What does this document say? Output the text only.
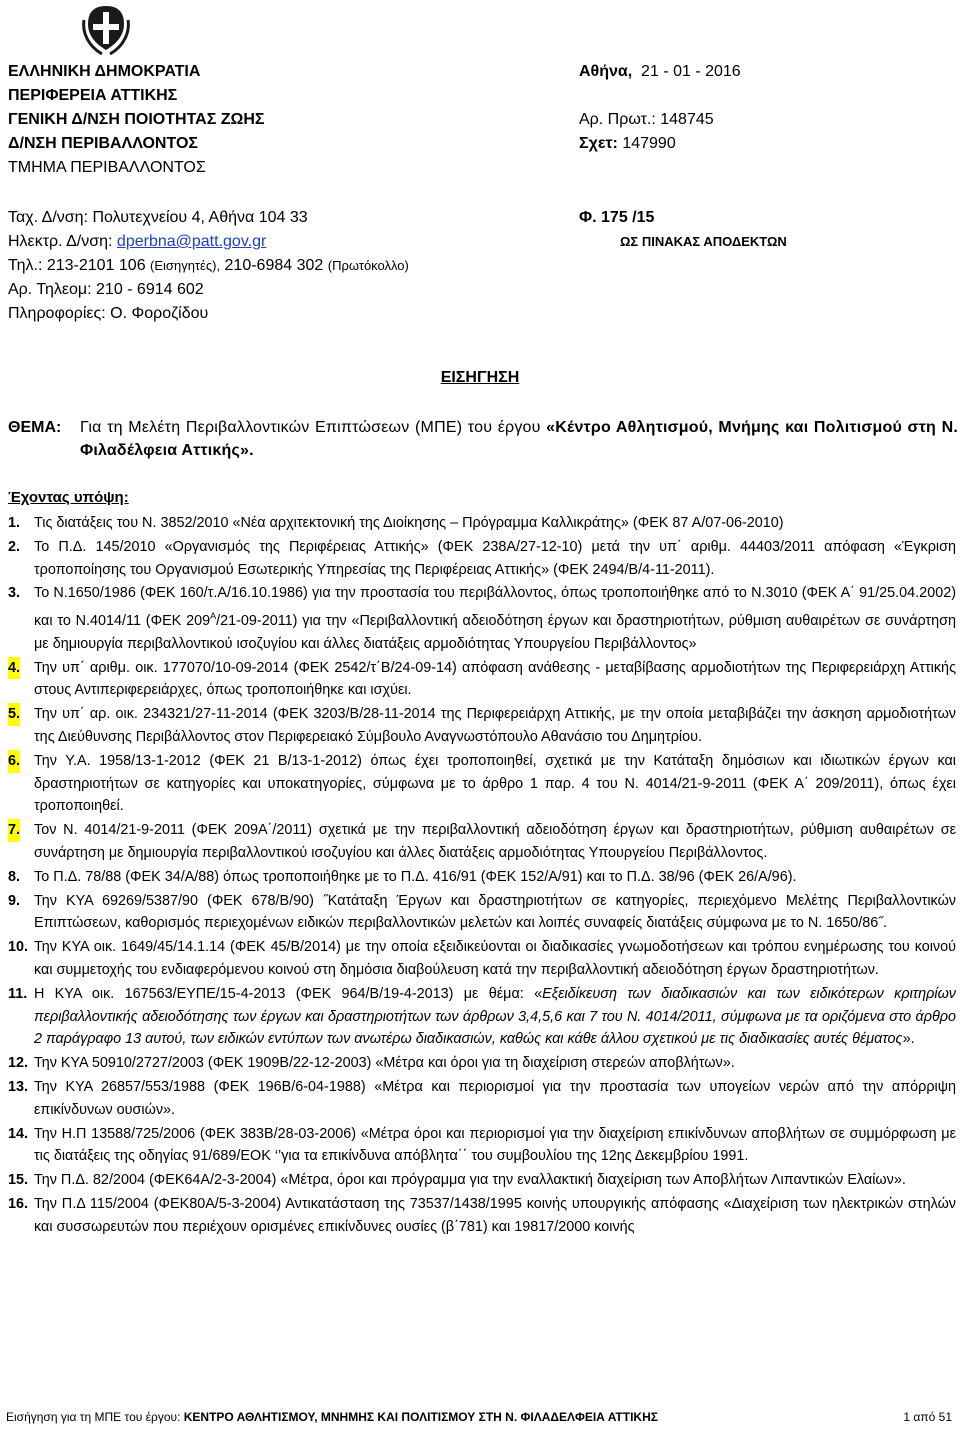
ΕΛΛΗΝΙΚΗ ΔΗΜΟΚΡΑΤΙΑ
ΠΕΡΙΦΕΡΕΙΑ ΑΤΤΙΚΗΣ
ΓΕΝΙΚΗ Δ/ΝΣΗ ΠΟΙΟΤΗΤΑΣ ΖΩΗΣ
Δ/ΝΣΗ ΠΕΡΙΒΑΛΛΟΝΤΟΣ
ΤΜΗΜΑ ΠΕΡΙΒΑΛΛΟΝΤΟΣ
Αθήνα, 21 - 01 - 2016
Αρ. Πρωτ.: 148745
Σχετ: 147990
Ταχ. Δ/νση: Πολυτεχνείου 4, Αθήνα 104 33
Ηλεκτρ. Δ/νση: dperbna@patt.gov.gr
Τηλ.: 213-2101 106 (Εισηγητές), 210-6984 302 (Πρωτόκολλο)
Αρ. Τηλεομ: 210 - 6914 602
Πληροφορίες: Ο. Φοροζίδου
Φ. 175 /15
ΩΣ ΠΙΝΑΚΑΣ ΑΠΟΔΕΚΤΩΝ
ΕΙΣΗΓΗΣΗ
ΘΕΜΑ: Για τη Μελέτη Περιβαλλοντικών Επιπτώσεων (ΜΠΕ) του έργου «Κέντρο Αθλητισμού, Μνήμης και Πολιτισμού στη Ν. Φιλαδέλφεια Αττικής».
Έχοντας υπόψη:
1. Τις διατάξεις του Ν. 3852/2010 «Νέα αρχιτεκτονική της Διοίκησης – Πρόγραμμα Καλλικράτης» (ΦΕΚ 87 Α/07-06-2010)
2. Το Π.Δ. 145/2010 «Οργανισμός της Περιφέρειας Αττικής» (ΦΕΚ 238Α/27-12-10) μετά την υπ΄ αριθμ. 44403/2011 απόφαση «Έγκριση τροποποίησης του Οργανισμού Εσωτερικής Υπηρεσίας της Περιφέρειας Αττικής» (ΦΕΚ 2494/Β/4-11-2011).
3. Το Ν.1650/1986 (ΦΕΚ 160/τ.Α/16.10.1986) για την προστασία του περιβάλλοντος, όπως τροποποιήθηκε από το Ν.3010 (ΦΕΚ Α΄ 91/25.04.2002) και το Ν.4014/11 (ΦΕΚ $209^A/21-09-2011$) για την «Περιβαλλοντική αδειοδότηση έργων και δραστηριοτήτων, ρύθμιση αυθαιρέτων σε συνάρτηση με δημιουργία περιβαλλοντικού ισοζυγίου και άλλες διατάξεις αρμοδιότητας Υπουργείου Περιβάλλοντος»
4. Την υπ΄ αριθμ. οικ. 177070/10-09-2014 (ΦΕΚ 2542/τ΄Β/24-09-14) απόφαση ανάθεσης - μεταβίβασης αρμοδιοτήτων της Περιφερειάρχη Αττικής στους Αντιπεριφερειάρχες, όπως τροποποιήθηκε και ισχύει.
5. Την υπ΄ αρ. οικ. 234321/27-11-2014 (ΦΕΚ 3203/Β/28-11-2014 της Περιφερειάρχη Αττικής, με την οποία μεταβιβάζει την άσκηση αρμοδιοτήτων της Διεύθυνσης Περιβάλλοντος στον Περιφερειακό Σύμβουλο Αναγνωστόπουλο Αθανάσιο του Δημητρίου.
6. Την Υ.Α. 1958/13-1-2012 (ΦΕΚ 21 Β/13-1-2012) όπως έχει τροποποιηθεί, σχετικά με την Κατάταξη δημόσιων και ιδιωτικών έργων και δραστηριοτήτων σε κατηγορίες και υποκατηγορίες, σύμφωνα με το άρθρο 1 παρ. 4 του Ν. 4014/21-9-2011 (ΦΕΚ Α΄ 209/2011), όπως έχει τροποποιηθεί.
7. Τον Ν. 4014/21-9-2011 (ΦΕΚ 209Α΄/2011) σχετικά με την περιβαλλοντική αδειοδότηση έργων και δραστηριοτήτων, ρύθμιση αυθαιρέτων σε συνάρτηση με δημιουργία περιβαλλοντικού ισοζυγίου και άλλες διατάξεις αρμοδιότητας Υπουργείου Περιβάλλοντος.
8. Το Π.Δ. 78/88 (ΦΕΚ 34/Α/88) όπως τροποποιήθηκε με το Π.Δ. 416/91 (ΦΕΚ 152/Α/91) και το Π.Δ. 38/96 (ΦΕΚ 26/Α/96).
9. Την ΚΥΑ 69269/5387/90 (ΦΕΚ 678/Β/90) ˝Κατάταξη Έργων και δραστηριοτήτων σε κατηγορίες, περιεχόμενο Μελέτης Περιβαλλοντικών Επιπτώσεων, καθορισμός περιεχομένων ειδικών περιβαλλοντικών μελετών και λοιπές συναφείς διατάξεις σύμφωνα με το Ν. 1650/86˝.
10. Την ΚΥΑ οικ. 1649/45/14.1.14 (ΦΕΚ 45/Β/2014) με την οποία εξειδικεύονται οι διαδικασίες γνωμοδοτήσεων και τρόπου ενημέρωσης του κοινού και συμμετοχής του ενδιαφερόμενου κοινού στη δημόσια διαβούλευση κατά την περιβαλλοντική αδειοδότηση έργων δραστηριοτήτων.
11. Η ΚΥΑ οικ. 167563/ΕΥΠΕ/15-4-2013 (ΦΕΚ 964/Β/19-4-2013) με θέμα: «Εξειδίκευση των διαδικασιών και των ειδικότερων κριτηρίων περιβαλλοντικής αδειοδότησης των έργων και δραστηριοτήτων των άρθρων 3,4,5,6 και 7 του Ν. 4014/2011, σύμφωνα με τα οριζόμενα στο άρθρο 2 παράγραφο 13 αυτού, των ειδικών εντύπων των ανωτέρω διαδικασιών, καθώς και κάθε άλλου σχετικού με τις διαδικασίες αυτές θέματος».
12. Την ΚΥΑ 50910/2727/2003 (ΦΕΚ 1909Β/22-12-2003) «Μέτρα και όροι για τη διαχείριση στερεών αποβλήτων».
13. Την ΚΥΑ 26857/553/1988 (ΦΕΚ 196Β/6-04-1988) «Μέτρα και περιορισμοί για την προστασία των υπογείων νερών από την απόρριψη επικίνδυνων ουσιών».
14. Την Η.Π 13588/725/2006 (ΦΕΚ 383Β/28-03-2006) «Μέτρα όροι και περιορισμοί για την διαχείριση επικίνδυνων αποβλήτων σε συμμόρφωση με τις διατάξεις της οδηγίας 91/689/ΕΟΚ ‘’για τα επικίνδυνα απόβλητα΄΄ του συμβουλίου της 12ης Δεκεμβρίου 1991.
15. Την Π.Δ. 82/2004 (ΦΕΚ64Α/2-3-2004) «Μέτρα, όροι και πρόγραμμα για την εναλλακτική διαχείριση των Αποβλήτων Λιπαντικών Ελαίων».
16. Την Π.Δ 115/2004 (ΦΕΚ80Α/5-3-2004) Αντικατάσταση της 73537/1438/1995 κοινής υπουργικής απόφασης «Διαχείριση των ηλεκτρικών στηλών και συσσωρευτών που περιέχουν ορισμένες επικίνδυνες ουσίες (β΄781) και 19817/2000 κοινής
Εισήγηση για τη ΜΠΕ του έργου: ΚΕΝΤΡΟ ΑΘΛΗΤΙΣΜΟΥ, ΜΝΗΜΗΣ ΚΑΙ ΠΟΛΙΤΙΣΜΟΥ ΣΤΗ Ν. ΦΙΛΑΔΕΛΦΕΙΑ ΑΤΤΙΚΗΣ	1 από 51
